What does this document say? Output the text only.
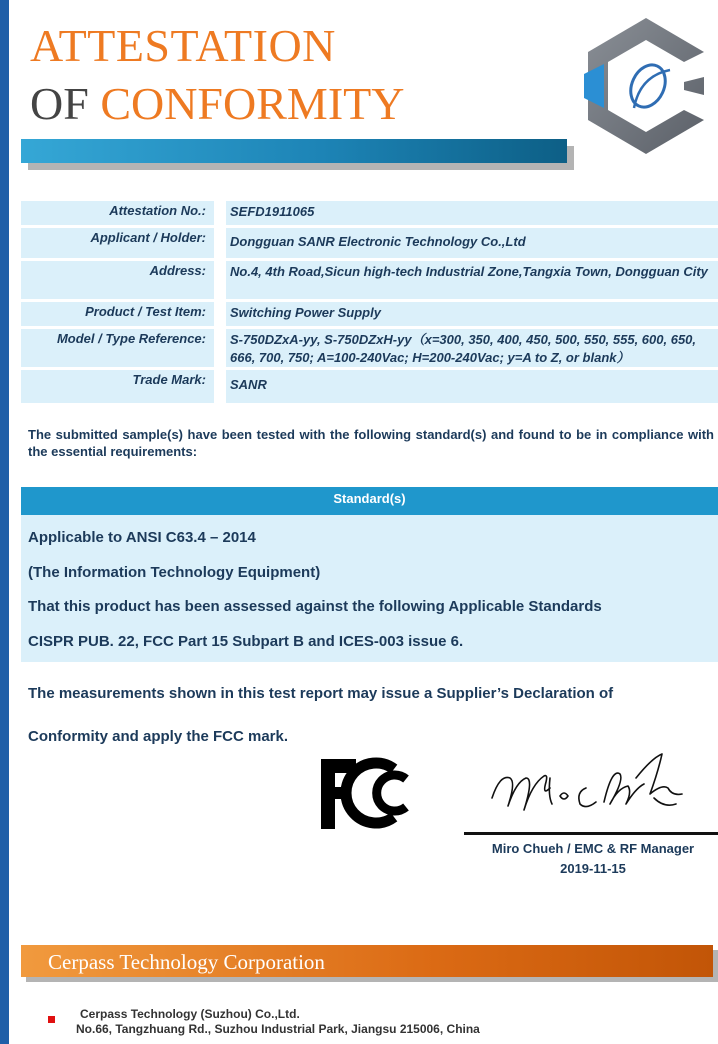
ATTESTATION
OF CONFORMITY
Attestation No.:	SEFD1911065
Applicant / Holder:	Dongguan SANR Electronic Technology Co.,Ltd
Address:	No.4, 4th Road,Sicun high-tech Industrial Zone,Tangxia Town, Dongguan City
Product / Test Item:	Switching Power Supply
Model / Type Reference:	S-750DZxA-yy, S-750DZxH-yy（x=300, 350, 400, 450, 500, 550, 555, 600, 650, 666, 700, 750; A=100-240Vac; H=200-240Vac; y=A to Z, or blank）
Trade Mark:	SANR
The submitted sample(s) have been tested with the following standard(s) and found to be in compliance with the essential requirements:
Standard(s)
Applicable to ANSI C63.4 – 2014
(The Information Technology Equipment)
That this product has been assessed against the following Applicable Standards
CISPR PUB. 22, FCC Part 15 Subpart B and ICES-003 issue 6.
The measurements shown in this test report may issue a Supplier’s Declaration of
Conformity and apply the FCC mark.
Miro Chueh / EMC & RF Manager
2019-11-15
Cerpass Technology Corporation
Cerpass Technology (Suzhou) Co.,Ltd.
No.66, Tangzhuang Rd., Suzhou Industrial Park, Jiangsu 215006, China
